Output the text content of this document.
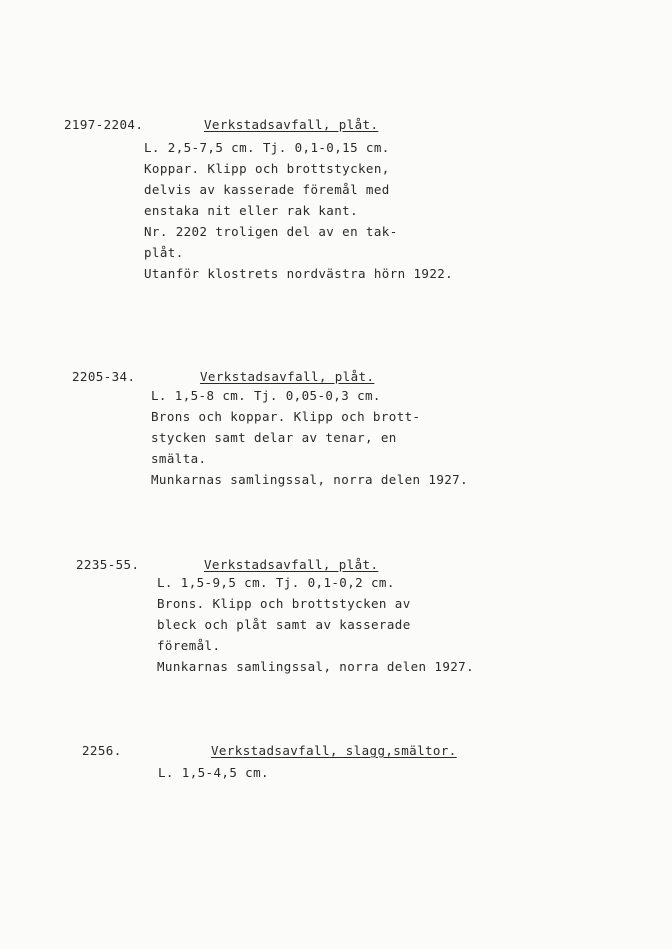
2197-2204.	Verkstadsavfall, plåt.
L. 2,5-7,5 cm. Tj. 0,1-0,15 cm.
Koppar. Klipp och brottstycken,
delvis av kasserade föremål med
enstaka nit eller rak kant.
Nr. 2202 troligen del av en tak-
plåt.
Utanför klostrets nordvästra hörn 1922.
2205-34.	Verkstadsavfall, plåt.
L. 1,5-8 cm. Tj. 0,05-0,3 cm.
Brons och koppar. Klipp och brott-
stycken samt delar av tenar, en
smälta.
Munkarnas samlingssal, norra delen 1927.
2235-55.	Verkstadsavfall, plåt.
L. 1,5-9,5 cm. Tj. 0,1-0,2 cm.
Brons. Klipp och brottstycken av
bleck och plåt samt av kasserade
föremål.
Munkarnas samlingssal, norra delen 1927.
2256.	Verkstadsavfall, slagg,smältor.
L. 1,5-4,5 cm.
